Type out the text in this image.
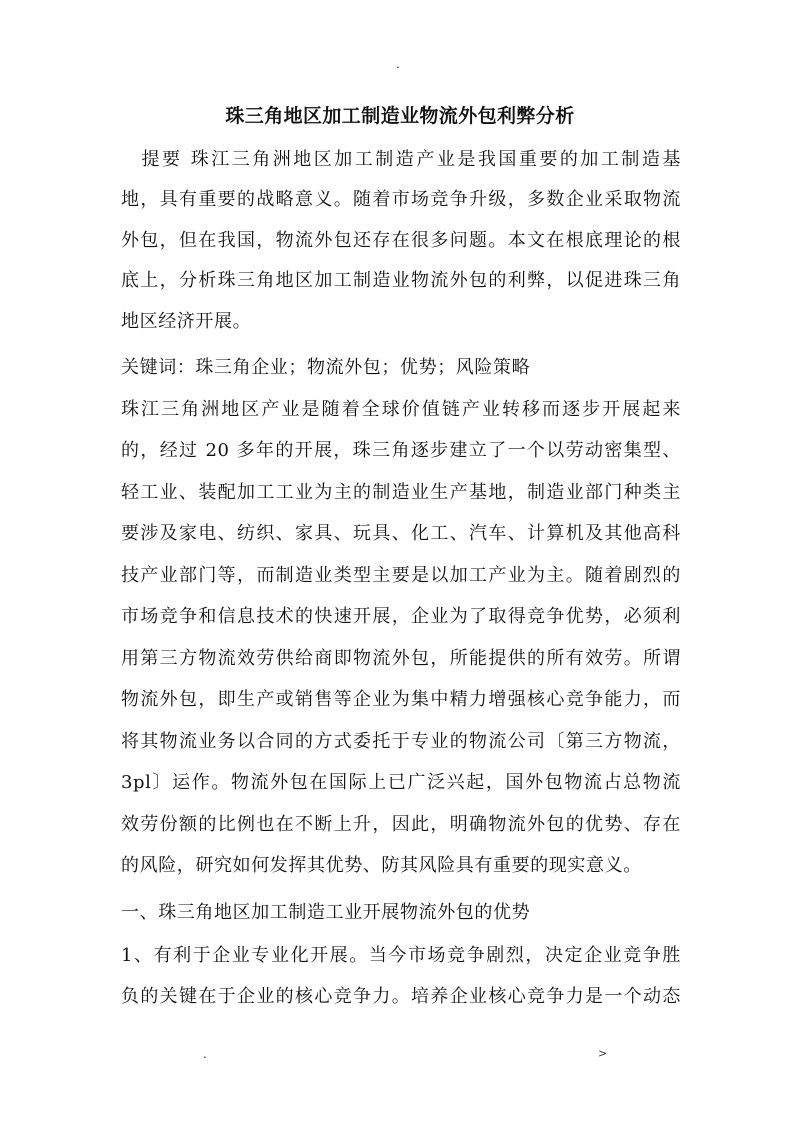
.
珠三角地区加工制造业物流外包利弊分析
　提要 珠江三角洲地区加工制造产业是我国重要的加工制造基
地，具有重要的战略意义。随着市场竞争升级，多数企业采取物流
外包，但在我国，物流外包还存在很多问题。本文在根底理论的根
底上，分析珠三角地区加工制造业物流外包的利弊，以促进珠三角
地区经济开展。
关键词：珠三角企业；物流外包；优势；风险策略
珠江三角洲地区产业是随着全球价值链产业转移而逐步开展起来
的，经过 20 多年的开展，珠三角逐步建立了一个以劳动密集型、
轻工业、装配加工工业为主的制造业生产基地，制造业部门种类主
要涉及家电、纺织、家具、玩具、化工、汽车、计算机及其他高科
技产业部门等，而制造业类型主要是以加工产业为主。随着剧烈的
市场竞争和信息技术的快速开展，企业为了取得竞争优势，必须利
用第三方物流效劳供给商即物流外包，所能提供的所有效劳。所谓
物流外包，即生产或销售等企业为集中精力增强核心竞争能力，而
将其物流业务以合同的方式委托于专业的物流公司〔第三方物流，
3pl〕运作。物流外包在国际上已广泛兴起，国外包物流占总物流
效劳份额的比例也在不断上升，因此，明确物流外包的优势、存在
的风险，研究如何发挥其优势、防其风险具有重要的现实意义。
一、珠三角地区加工制造工业开展物流外包的优势
1、有利于企业专业化开展。当今市场竞争剧烈，决定企业竞争胜
负的关键在于企业的核心竞争力。培养企业核心竞争力是一个动态
.	>
